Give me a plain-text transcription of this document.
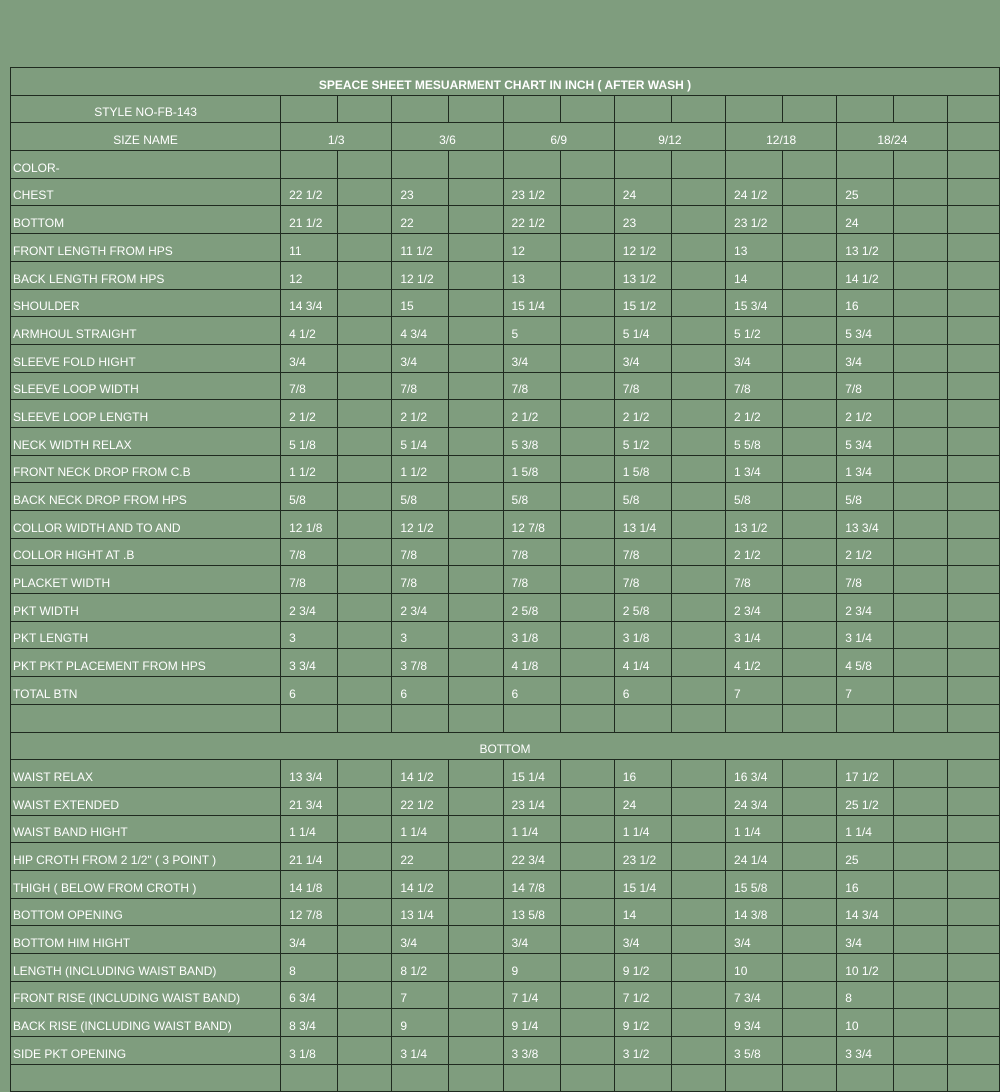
SPEACE SHEET MESUARMENT CHART IN INCH ( AFTER WASH )													
STYLE NO-FB-143													
SIZE NAME	1/3		3/6		6/9		9/12		12/18		18/24		
COLOR-													
CHEST	22 1/2		23		23 1/2		24		24 1/2		25		
BOTTOM	21 1/2		22		22 1/2		23		23 1/2		24		
FRONT LENGTH FROM HPS	11		11 1/2		12		12 1/2		13		13 1/2		
BACK LENGTH FROM HPS	12		12 1/2		13		13 1/2		14		14 1/2		
SHOULDER	14 3/4		15		15 1/4		15 1/2		15 3/4		16		
ARMHOUL STRAIGHT	4 1/2		4 3/4		5		5 1/4		5 1/2		5 3/4		
SLEEVE FOLD HIGHT	3/4		3/4		3/4		3/4		3/4		3/4		
SLEEVE LOOP WIDTH	7/8		7/8		7/8		7/8		7/8		7/8		
SLEEVE LOOP LENGTH	2 1/2		2 1/2		2 1/2		2 1/2		2 1/2		2 1/2		
NECK WIDTH RELAX	5 1/8		5 1/4		5 3/8		5 1/2		5 5/8		5 3/4		
FRONT NECK DROP FROM C.B	1 1/2		1 1/2		1 5/8		1 5/8		1 3/4		1 3/4		
BACK NECK DROP FROM HPS	5/8		5/8		5/8		5/8		5/8		5/8		
COLLOR WIDTH AND TO AND	12 1/8		12 1/2		12 7/8		13 1/4		13 1/2		13 3/4		
COLLOR HIGHT AT .B	7/8		7/8		7/8		7/8		2 1/2		2 1/2		
PLACKET WIDTH	7/8		7/8		7/8		7/8		7/8		7/8		
PKT WIDTH	2 3/4		2 3/4		2 5/8		2 5/8		2 3/4		2 3/4		
PKT LENGTH	3		3		3 1/8		3 1/8		3 1/4		3 1/4		
PKT PKT PLACEMENT FROM HPS	3 3/4		3 7/8		4 1/8		4 1/4		4 1/2		4 5/8		
TOTAL BTN	6		6		6		6		7		7		

BOTTOM													
WAIST RELAX	13 3/4		14 1/2		15 1/4		16		16 3/4		17 1/2		
WAIST EXTENDED	21 3/4		22 1/2		23 1/4		24		24 3/4		25 1/2		
WAIST BAND HIGHT	1 1/4		1 1/4		1 1/4		1 1/4		1 1/4		1 1/4		
HIP CROTH FROM 2 1/2" ( 3 POINT )	21 1/4		22		22 3/4		23 1/2		24 1/4		25		
THIGH ( BELOW FROM CROTH )	14 1/8		14 1/2		14 7/8		15 1/4		15 5/8		16		
BOTTOM OPENING	12 7/8		13 1/4		13 5/8		14		14 3/8		14 3/4		
BOTTOM HIM HIGHT	3/4		3/4		3/4		3/4		3/4		3/4		
LENGTH (INCLUDING WAIST BAND)	8		8 1/2		9		9 1/2		10		10 1/2		
FRONT RISE (INCLUDING WAIST BAND)	6 3/4		7		7 1/4		7 1/2		7 3/4		8		
BACK RISE (INCLUDING WAIST BAND)	8 3/4		9		9 1/4		9 1/2		9 3/4		10		
SIDE PKT OPENING	3 1/8		3 1/4		3 3/8		3 1/2		3 5/8		3 3/4		
